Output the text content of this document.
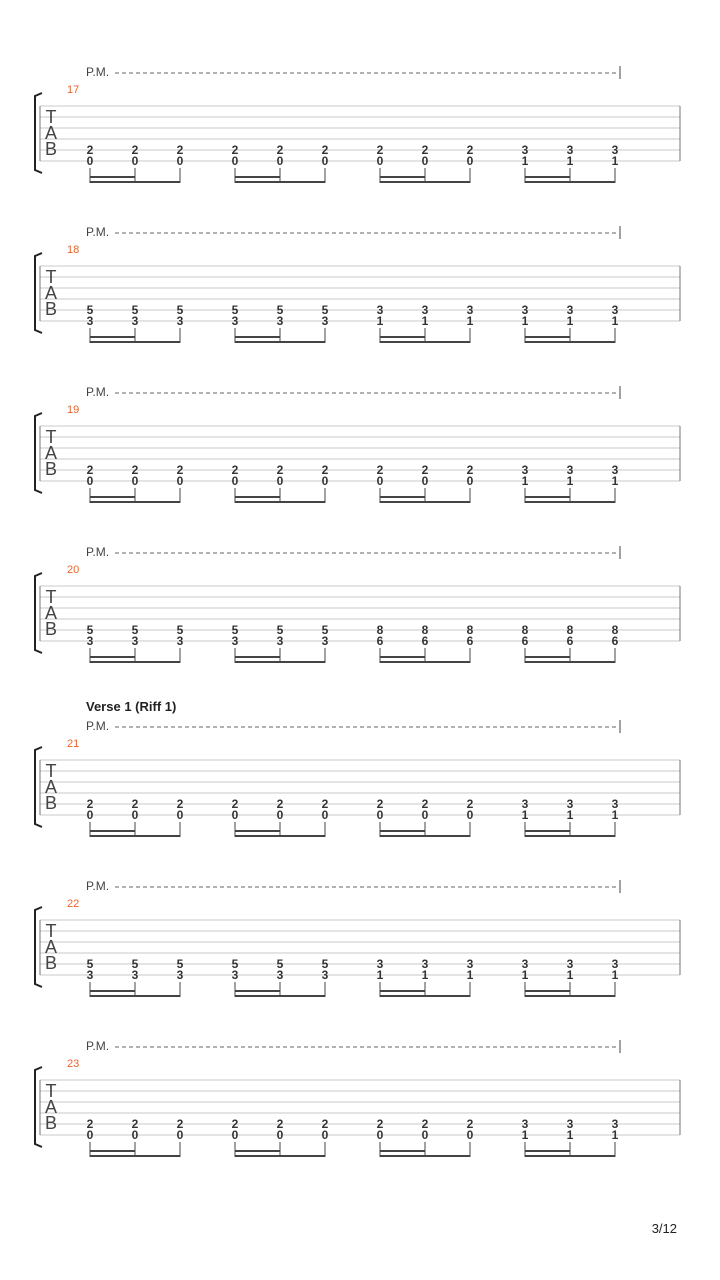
P.M.
17
T
A
B 2
0
2
0
2
0
2
0
2
0
2
0
2
0
2
0
2
0
3
1
3
1
3
1
P.M.
18
T
A
B 5
3
5
3
5
3
5
3
5
3
5
3
3
1
3
1
3
1
3
1
3
1
3
1
P.M.
19
T
A
B 2
0
2
0
2
0
2
0
2
0
2
0
2
0
2
0
2
0
3
1
3
1
3
1
P.M.
20
T
A
B 5
3
5
3
5
3
5
3
5
3
5
3
8
6
8
6
8
6
8
6
8
6
8
6
Verse 1 (Riff 1)
P.M.
21
T
A
B 2
0
2
0
2
0
2
0
2
0
2
0
2
0
2
0
2
0
3
1
3
1
3
1
P.M.
22
T
A
B 5
3
5
3
5
3
5
3
5
3
5
3
3
1
3
1
3
1
3
1
3
1
3
1
P.M.
23
T
A
B 2
0
2
0
2
0
2
0
2
0
2
0
2
0
2
0
2
0
3
1
3
1
3
1
3/12
